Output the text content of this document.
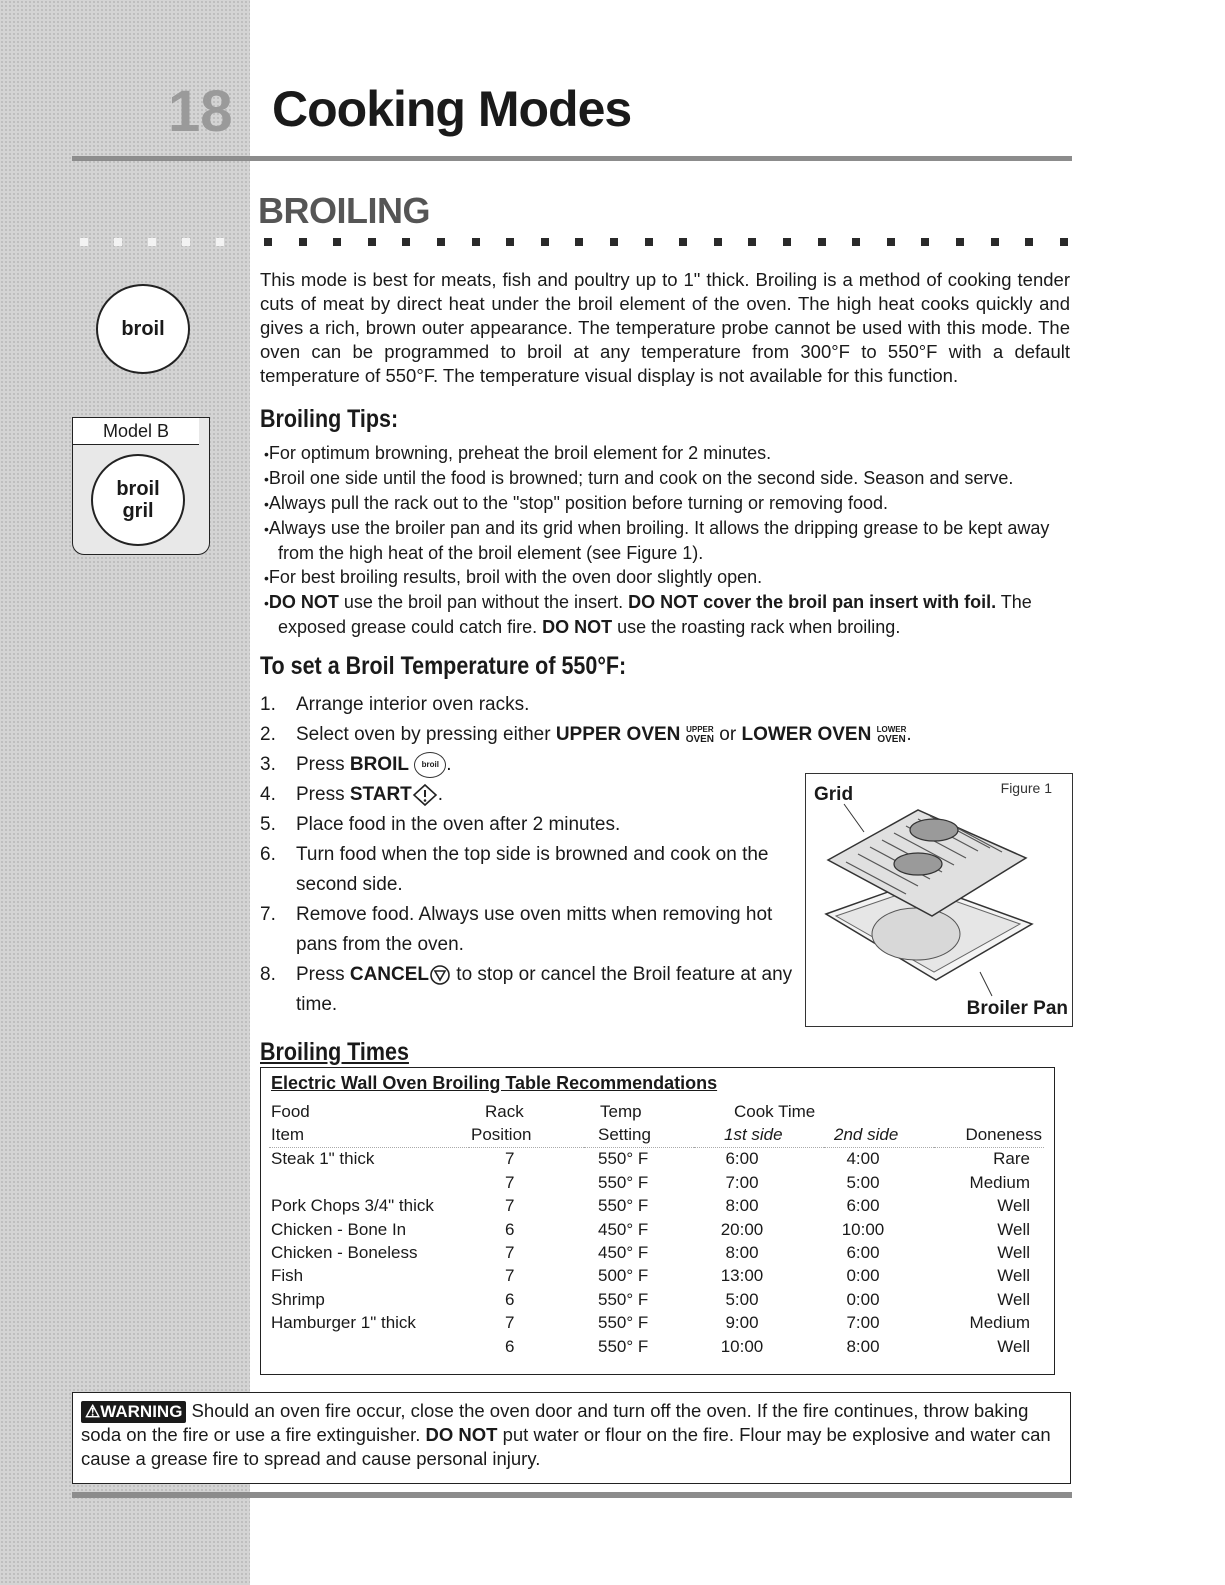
18 Cooking Modes
BROILING
This mode is best for meats, fish and poultry up to 1" thick. Broiling is a method of cooking tender cuts of meat by direct heat under the broil element of the oven. The high heat cooks quickly and gives a rich, brown outer appearance. The temperature probe cannot be used with this mode. The oven can be programmed to broil at any temperature from 300°F to 550°F with a default temperature of 550°F. The temperature visual display is not available for this function.
broil
Model B
broil
gril
Broiling Tips:
• For optimum browning, preheat the broil element for 2 minutes.
• Broil one side until the food is browned; turn and cook on the second side. Season and serve.
• Always pull the rack out to the "stop" position before turning or removing food.
• Always use the broiler pan and its grid when broiling. It allows the dripping grease to be kept away from the high heat of the broil element (see Figure 1).
• For best broiling results, broil with the oven door slightly open.
• DO NOT use the broil pan without the insert. DO NOT cover the broil pan insert with foil. The exposed grease could catch fire. DO NOT use the roasting rack when broiling.
To set a Broil Temperature of 550°F:
1. Arrange interior oven racks.
2. Select oven by pressing either UPPER OVEN UPPER
OVEN or LOWER OVEN LOWER
OVEN .
3. Press BROIL broil .
4. Press START .
5. Place food in the oven after 2 minutes.
6. Turn food when the top side is browned and cook on the second side.
7. Remove food. Always use oven mitts when removing hot pans from the oven.
8. Press CANCEL to stop or cancel the Broil feature at any time.
Figure 1
Grid
Broiler Pan
Broiling Times
Electric Wall Oven Broiling Table Recommendations
Food	Rack	Temp	Cook Time		
Item	Position	Setting	1st side	2nd side	Doneness
Steak 1" thick	7	550° F	6:00	4:00	Rare
	7	550° F	7:00	5:00	Medium
Pork Chops 3/4" thick	7	550° F	8:00	6:00	Well
Chicken - Bone In	6	450° F	20:00	10:00	Well
Chicken - Boneless	7	450° F	8:00	6:00	Well
Fish	7	500° F	13:00	0:00	Well
Shrimp	6	550° F	5:00	0:00	Well
Hamburger 1" thick	7	550° F	9:00	7:00	Medium
	6	550° F	10:00	8:00	Well
⚠WARNING Should an oven fire occur, close the oven door and turn off the oven. If the fire continues, throw baking soda on the fire or use a fire extinguisher. DO NOT put water or flour on the fire. Flour may be explosive and water can cause a grease fire to spread and cause personal injury.
